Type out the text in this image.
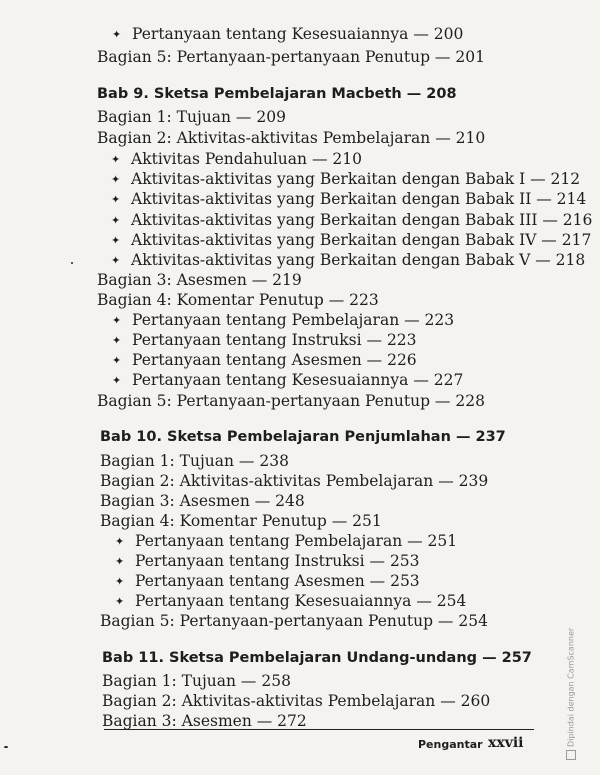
✦ Pertanyaan tentang Kesesuaiannya — 200
Bagian 5: Pertanyaan-pertanyaan Penutup — 201
Bab 9. Sketsa Pembelajaran Macbeth — 208
Bagian 1: Tujuan — 209
Bagian 2: Aktivitas-aktivitas Pembelajaran — 210
✦ Aktivitas Pendahuluan — 210
✦ Aktivitas-aktivitas yang Berkaitan dengan Babak I — 212
✦ Aktivitas-aktivitas yang Berkaitan dengan Babak II — 214
✦ Aktivitas-aktivitas yang Berkaitan dengan Babak III — 216
✦ Aktivitas-aktivitas yang Berkaitan dengan Babak IV — 217
✦ Aktivitas-aktivitas yang Berkaitan dengan Babak V — 218
Bagian 3: Asesmen — 219
Bagian 4: Komentar Penutup — 223
✦ Pertanyaan tentang Pembelajaran — 223
✦ Pertanyaan tentang Instruksi — 223
✦ Pertanyaan tentang Asesmen — 226
✦ Pertanyaan tentang Kesesuaiannya — 227
Bagian 5: Pertanyaan-pertanyaan Penutup — 228
Bab 10. Sketsa Pembelajaran Penjumlahan — 237
Bagian 1: Tujuan — 238
Bagian 2: Aktivitas-aktivitas Pembelajaran — 239
Bagian 3: Asesmen — 248
Bagian 4: Komentar Penutup — 251
✦ Pertanyaan tentang Pembelajaran — 251
✦ Pertanyaan tentang Instruksi — 253
✦ Pertanyaan tentang Asesmen — 253
✦ Pertanyaan tentang Kesesuaiannya — 254
Bagian 5: Pertanyaan-pertanyaan Penutup — 254
Bab 11. Sketsa Pembelajaran Undang-undang — 257
Bagian 1: Tujuan — 258
Bagian 2: Aktivitas-aktivitas Pembelajaran — 260
Bagian 3: Asesmen — 272
Pengantar xxvii	Dipindai dengan CamScanner
